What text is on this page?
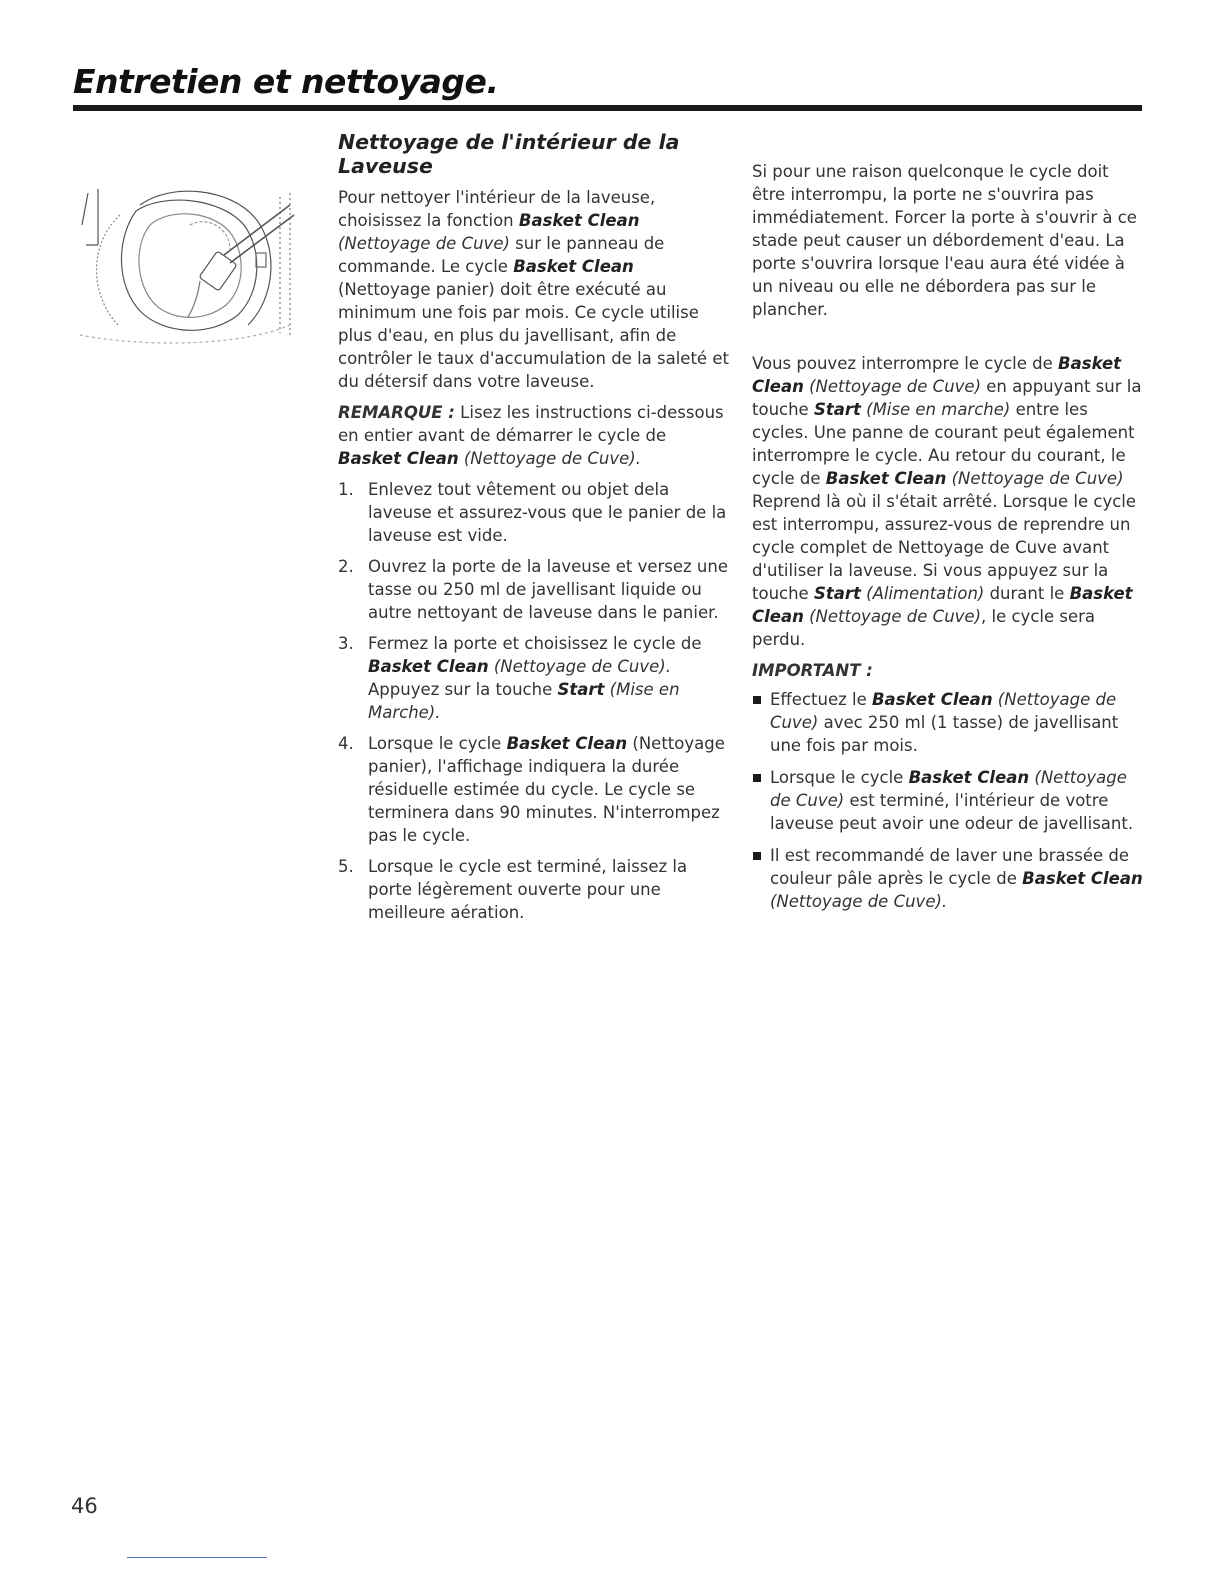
Entretien et nettoyage.
Nettoyage de l'intérieur de la Laveuse

Pour nettoyer l'intérieur de la laveuse, choisissez la fonction Basket Clean (Nettoyage de Cuve) sur le panneau de commande. Le cycle Basket Clean (Nettoyage panier) doit être exécuté au minimum une fois par mois. Ce cycle utilise plus d'eau, en plus du javellisant, afin de contrôler le taux d'accumulation de la saleté et du détersif dans votre laveuse.

REMARQUE : Lisez les instructions ci-dessous en entier avant de démarrer le cycle de Basket Clean (Nettoyage de Cuve).

1. Enlevez tout vêtement ou objet dela laveuse et assurez-vous que le panier de la laveuse est vide.
2. Ouvrez la porte de la laveuse et versez une tasse ou 250 ml de javellisant liquide ou autre nettoyant de laveuse dans le panier.
3. Fermez la porte et choisissez le cycle de Basket Clean (Nettoyage de Cuve). Appuyez sur la touche Start (Mise en Marche).
4. Lorsque le cycle Basket Clean (Nettoyage panier), l'affichage indiquera la durée résiduelle estimée du cycle. Le cycle se terminera dans 90 minutes. N'interrompez pas le cycle.
5. Lorsque le cycle est terminé, laissez la porte légèrement ouverte pour une meilleure aération.

Si pour une raison quelconque le cycle doit être interrompu, la porte ne s'ouvrira pas immédiatement. Forcer la porte à s'ouvrir à ce stade peut causer un débordement d'eau. La porte s'ouvrira lorsque l'eau aura été vidée à un niveau ou elle ne débordera pas sur le plancher.

Vous pouvez interrompre le cycle de Basket Clean (Nettoyage de Cuve) en appuyant sur la touche Start (Mise en marche) entre les cycles. Une panne de courant peut également interrompre le cycle. Au retour du courant, le cycle de Basket Clean (Nettoyage de Cuve) Reprend là où il s'était arrêté. Lorsque le cycle est interrompu, assurez-vous de reprendre un cycle complet de Nettoyage de Cuve avant d'utiliser la laveuse. Si vous appuyez sur la touche Start (Alimentation) durant le Basket Clean (Nettoyage de Cuve), le cycle sera perdu.

IMPORTANT :
Effectuez le Basket Clean (Nettoyage de Cuve) avec 250 ml (1 tasse) de javellisant une fois par mois.
Lorsque le cycle Basket Clean (Nettoyage de Cuve) est terminé, l'intérieur de votre laveuse peut avoir une odeur de javellisant.
Il est recommandé de laver une brassée de couleur pâle après le cycle de Basket Clean (Nettoyage de Cuve).
46
